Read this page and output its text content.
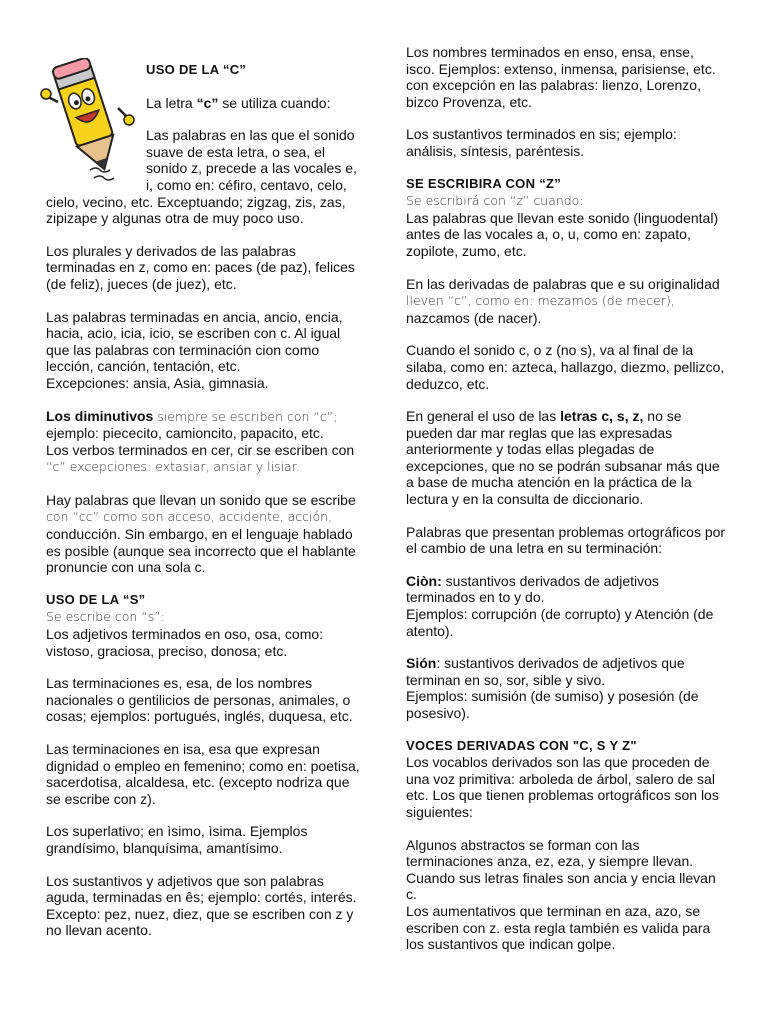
USO DE LA “C”

La letra “c” se utiliza cuando:

Las palabras en las que el sonido suave de esta letra, o sea, el sonido z, precede a las vocales e, i, como en: céfiro, centavo, celo, cielo, vecino, etc. Exceptuando; zigzag, zis, zas, zipizape y algunas otra de muy poco uso.

Los plurales y derivados de las palabras terminadas en z, como en: paces (de paz), felices (de feliz), jueces (de juez), etc.

Las palabras terminadas en ancia, ancio, encia, hacia, acio, icia, icio, se escriben con c. Al igual que las palabras con terminación cion como lección, canción, tentación, etc.
Excepciones: ansia, Asia, gimnasia.

Los diminutivos siempre se escriben con “c”;
ejemplo: piececito, camioncito, papacito, etc.
Los verbos terminados en cer, cir se escriben con
“c” excepciones: extasiar, ansiar y lisiar.

Hay palabras que llevan un sonido que se escribe
con “cc” como son acceso, accidente, acción,
conducción. Sin embargo, en el lenguaje hablado es posible (aunque sea incorrecto que el hablante pronuncie con una sola c.

USO DE LA “S”

Se escribe con “s”:
Los adjetivos terminados en oso, osa, como: vistoso, graciosa, preciso, donosa; etc.

Las terminaciones es, esa, de los nombres nacionales o gentilicios de personas, animales, o cosas; ejemplos: portugués, inglés, duquesa, etc.

Las terminaciones en isa, esa que expresan dignidad o empleo en femenino; como en: poetisa, sacerdotisa, alcaldesa, etc. (excepto nodriza que se escribe con z).

Los superlativo; en ìsimo, ìsima. Ejemplos grandísimo, blanquísima, amantísimo.

Los sustantivos y adjetivos que son palabras aguda, terminadas en ês; ejemplo: cortés, interés. Excepto: pez, nuez, diez, que se escriben con z y no llevan acento.

Los nombres terminados en enso, ensa, ense, isco. Ejemplos: extenso, inmensa, parisiense, etc. con excepción en las palabras: lienzo, Lorenzo, bizco Provenza, etc.

Los sustantivos terminados en sis; ejemplo: análisis, síntesis, paréntesis.

SE ESCRIBIRA CON “Z”

Se escribirá con “z” cuando:
Las palabras que llevan este sonido (linguodental) antes de las vocales a, o, u, como en: zapato, zopilote, zumo, etc.

En las derivadas de palabras que e su originalidad
lleven “c”, como en: mezamos (de mecer),
nazcamos (de nacer).

Cuando el sonido c, o z (no s), va al final de la silaba, como en: azteca, hallazgo, diezmo, pellizco, deduzco, etc.

En general el uso de las letras c, s, z, no se pueden dar mar reglas que las expresadas anteriormente y todas ellas plegadas de excepciones, que no se podrán subsanar más que a base de mucha atención en la práctica de la lectura y en la consulta de diccionario.

Palabras que presentan problemas ortográficos por el cambio de una letra en su terminación:

Ciòn: sustantivos derivados de adjetivos terminados en to y do.
Ejemplos: corrupción (de corrupto) y Atención (de atento).

Sión: sustantivos derivados de adjetivos que terminan en so, sor, sible y sivo.
Ejemplos: sumisión (de sumiso) y posesión (de posesivo).

VOCES DERIVADAS CON "C, S Y Z"
Los vocablos derivados son las que proceden de una voz primitiva: arboleda de árbol, salero de sal etc. Los que tienen problemas ortográficos son los siguientes:

Algunos abstractos se forman con las terminaciones anza, ez, eza, y siempre llevan. Cuando sus letras finales son ancia y encia llevan c.
Los aumentativos que terminan en aza, azo, se escriben con z. esta regla también es valida para los sustantivos que indican golpe.
